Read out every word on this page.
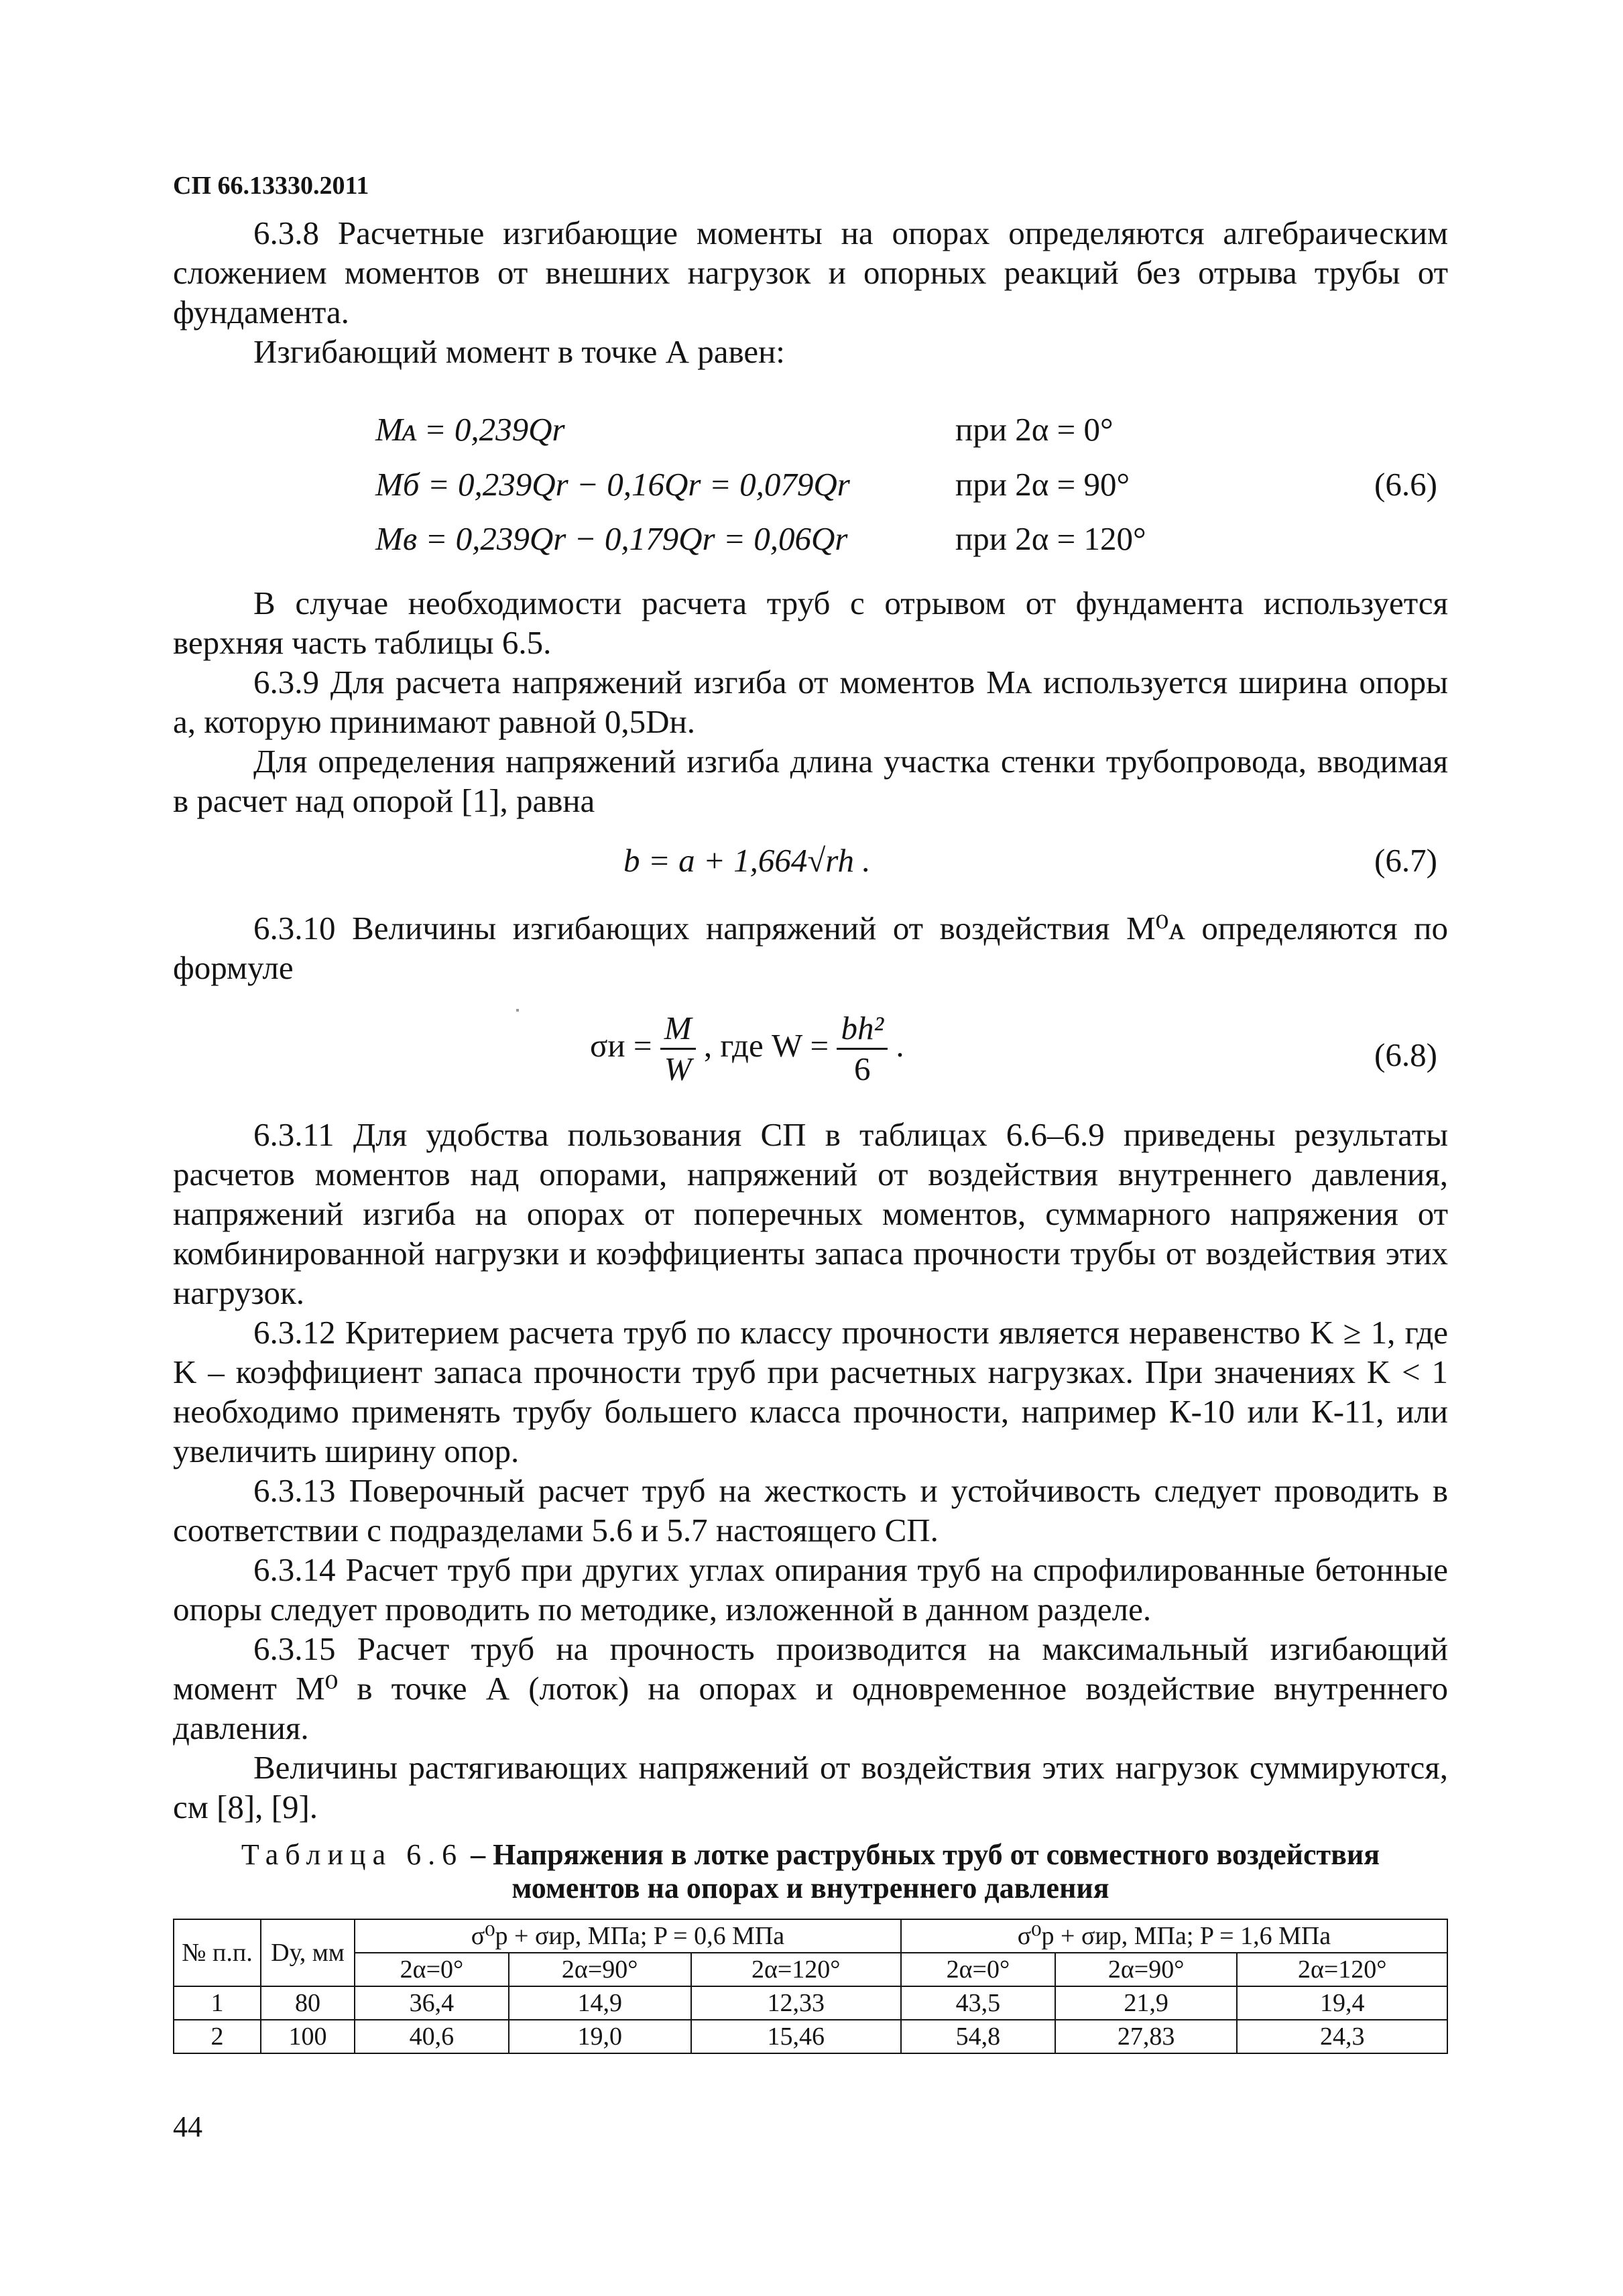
СП 66.13330.2011

6.3.8 Расчетные изгибающие моменты на опорах определяются алгебраическим сложением моментов от внешних нагрузок и опорных реакций без отрыва трубы от фундамента.

Изгибающий момент в точке А равен:

Mᴀ = 0,239Qr
Mб = 0,239Qr − 0,16Qr = 0,079Qr
Mв = 0,239Qr − 0,179Qr = 0,06Qr
при 2α = 0°
при 2α = 90°
при 2α = 120°
(6.6)

В случае необходимости расчета труб с отрывом от фундамента используется верхняя часть таблицы 6.5.

6.3.9 Для расчета напряжений изгиба от моментов Mᴀ используется ширина опоры a, которую принимают равной 0,5Dн.

Для определения напряжений изгиба длина участка стенки трубопровода, вводимая в расчет над опорой [1], равна

b = a + 1,664√rh .	(6.7)

6.3.10 Величины изгибающих напряжений от воздействия M⁰ᴀ определяются по формуле

$\sigma и = \frac{M}{W}$ , где $W = \frac{\text{bh²}}{6}$ .	(6.8)

6.3.11 Для удобства пользования СП в таблицах 6.6–6.9 приведены результаты расчетов моментов над опорами, напряжений от воздействия внутреннего давления, напряжений изгиба на опорах от поперечных моментов, суммарного напряжения от комбинированной нагрузки и коэффициенты запаса прочности трубы от воздействия этих нагрузок.

6.3.12 Критерием расчета труб по классу прочности является неравенство K ≥ 1, где K – коэффициент запаса прочности труб при расчетных нагрузках. При значениях K < 1 необходимо применять трубу большего класса прочности, например К-10 или К-11, или увеличить ширину опор.

6.3.13 Поверочный расчет труб на жесткость и устойчивость следует проводить в соответствии с подразделами 5.6 и 5.7 настоящего СП.

6.3.14 Расчет труб при других углах опирания труб на спрофилированные бетонные опоры следует проводить по методике, изложенной в данном разделе.

6.3.15 Расчет труб на прочность производится на максимальный изгибающий момент M⁰ в точке А (лоток) на опорах и одновременное воздействие внутреннего давления.

Величины растягивающих напряжений от воздействия этих нагрузок суммируются, см [8], [9].

Таблица 6.6 – Напряжения в лотке раструбных труб от совместного воздействия
моментов на опорах и внутреннего давления
№ п.п.	Dу, мм	σ⁰р + σир, МПа; P = 0,6 МПа			σ⁰р + σир, МПа; P = 1,6 МПа		
		2α=0°	2α=90°	2α=120°	2α=0°	2α=90°	2α=120°
1	80	36,4	14,9	12,33	43,5	21,9	19,4
2	100	40,6	19,0	15,46	54,8	27,83	24,3
44
